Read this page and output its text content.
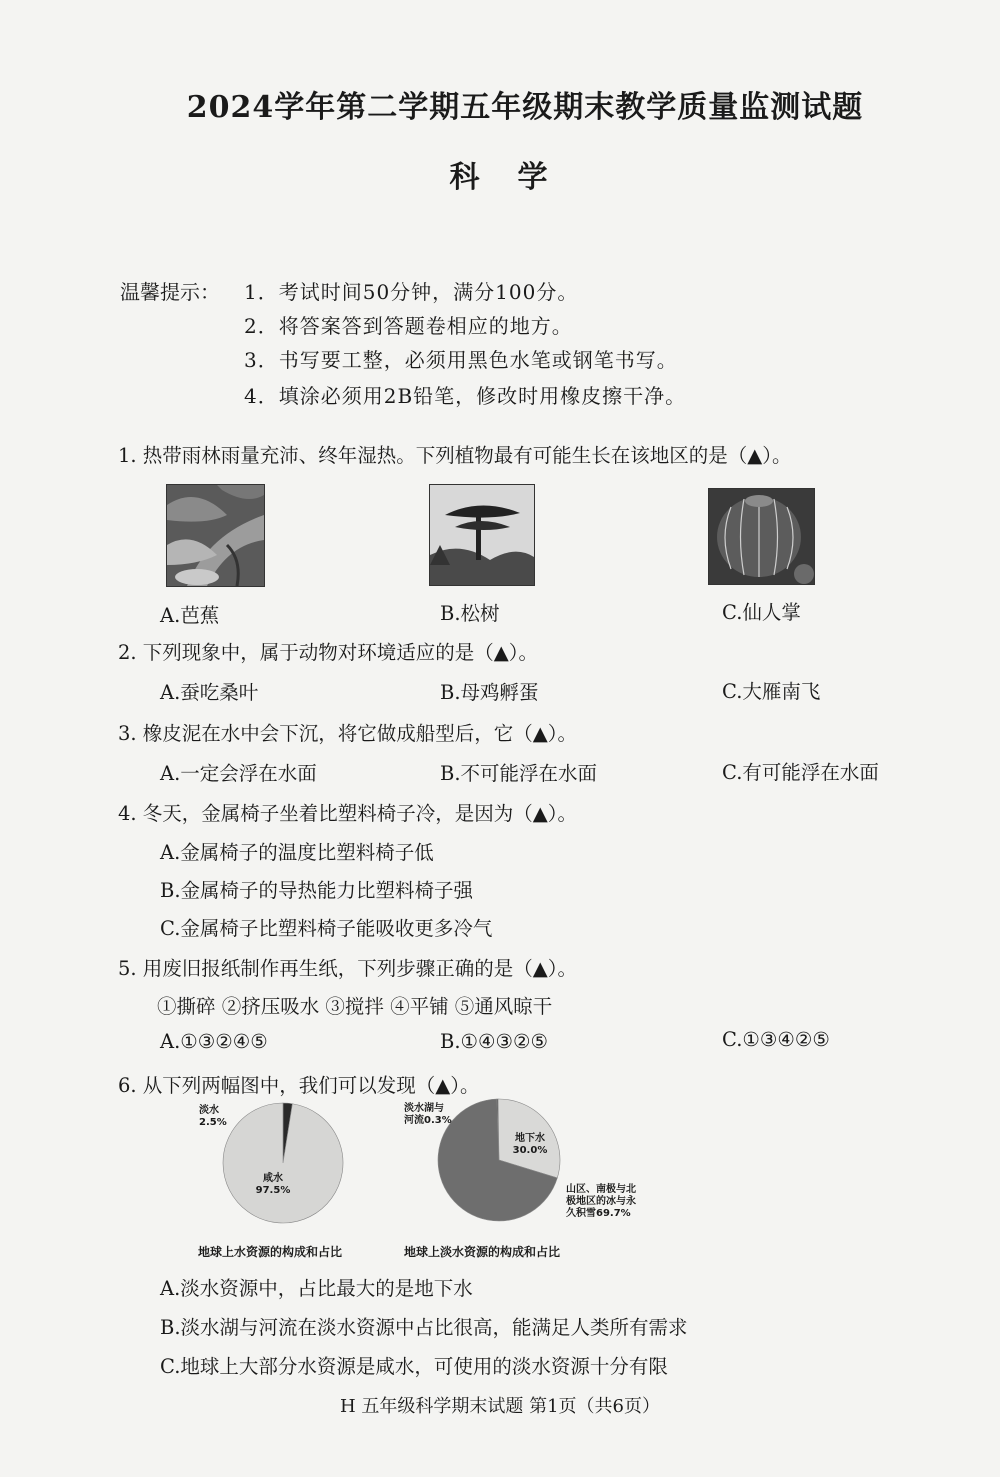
2024学年第二学期五年级期末教学质量监测试题
科学
温馨提示： 1．考试时间50分钟，满分100分。
2．将答案答到答题卷相应的地方。
3．书写要工整，必须用黑色水笔或钢笔书写。
4．填涂必须用2B铅笔，修改时用橡皮擦干净。
1. 热带雨林雨量充沛、终年湿热。下列植物最有可能生长在该地区的是（▲）。
A.芭蕉	B.松树	C.仙人掌
2. 下列现象中，属于动物对环境适应的是（▲）。
A.蚕吃桑叶	B.母鸡孵蛋	C.大雁南飞
3. 橡皮泥在水中会下沉，将它做成船型后，它（▲）。
A.一定会浮在水面	B.不可能浮在水面	C.有可能浮在水面
4. 冬天，金属椅子坐着比塑料椅子冷，是因为（▲）。
A.金属椅子的温度比塑料椅子低
B.金属椅子的导热能力比塑料椅子强
C.金属椅子比塑料椅子能吸收更多冷气
5. 用废旧报纸制作再生纸，下列步骤正确的是（▲）。
①撕碎 ②挤压吸水 ③搅拌 ④平铺 ⑤通风晾干
A.①③②④⑤	B.①④③②⑤	C.①③④②⑤
6. 从下列两幅图中，我们可以发现（▲）。
淡水
2.5%
咸水
97.5%
地球上水资源的构成和占比
淡水湖与
河流0.3%
地下水
30.0%
山区、南极与北
极地区的冰与永
久积雪69.7%
地球上淡水资源的构成和占比
A.淡水资源中，占比最大的是地下水
B.淡水湖与河流在淡水资源中占比很高，能满足人类所有需求
C.地球上大部分水资源是咸水，可使用的淡水资源十分有限
H 五年级科学期末试题 第1页（共6页）
